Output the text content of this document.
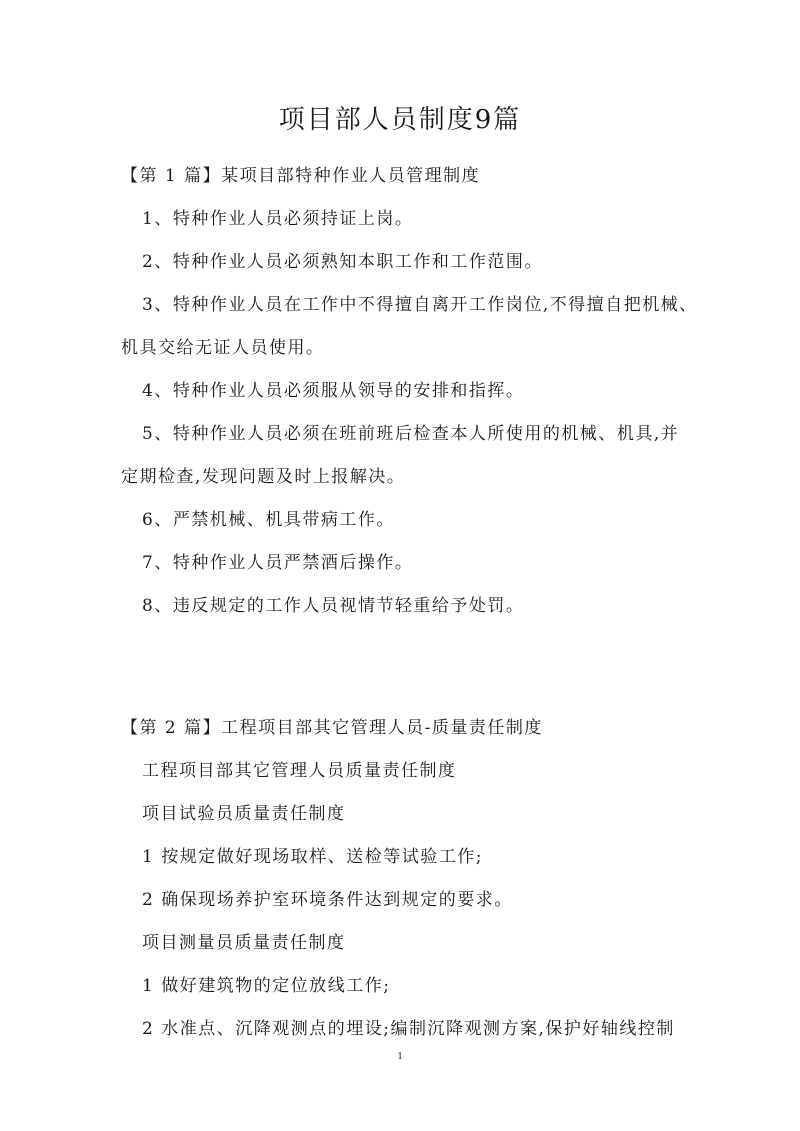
项目部人员制度9篇
【第 1 篇】某项目部特种作业人员管理制度
1、特种作业人员必须持证上岗。
2、特种作业人员必须熟知本职工作和工作范围。
3、特种作业人员在工作中不得擅自离开工作岗位,不得擅自把机械、
机具交给无证人员使用。
4、特种作业人员必须服从领导的安排和指挥。
5、特种作业人员必须在班前班后检查本人所使用的机械、机具,并
定期检查,发现问题及时上报解决。
6、严禁机械、机具带病工作。
7、特种作业人员严禁酒后操作。
8、违反规定的工作人员视情节轻重给予处罚。
【第 2 篇】工程项目部其它管理人员-质量责任制度
工程项目部其它管理人员质量责任制度
项目试验员质量责任制度
1 按规定做好现场取样、送检等试验工作;
2 确保现场养护室环境条件达到规定的要求。
项目测量员质量责任制度
1 做好建筑物的定位放线工作;
2 水准点、沉降观测点的埋设;编制沉降观测方案,保护好轴线控制
1
